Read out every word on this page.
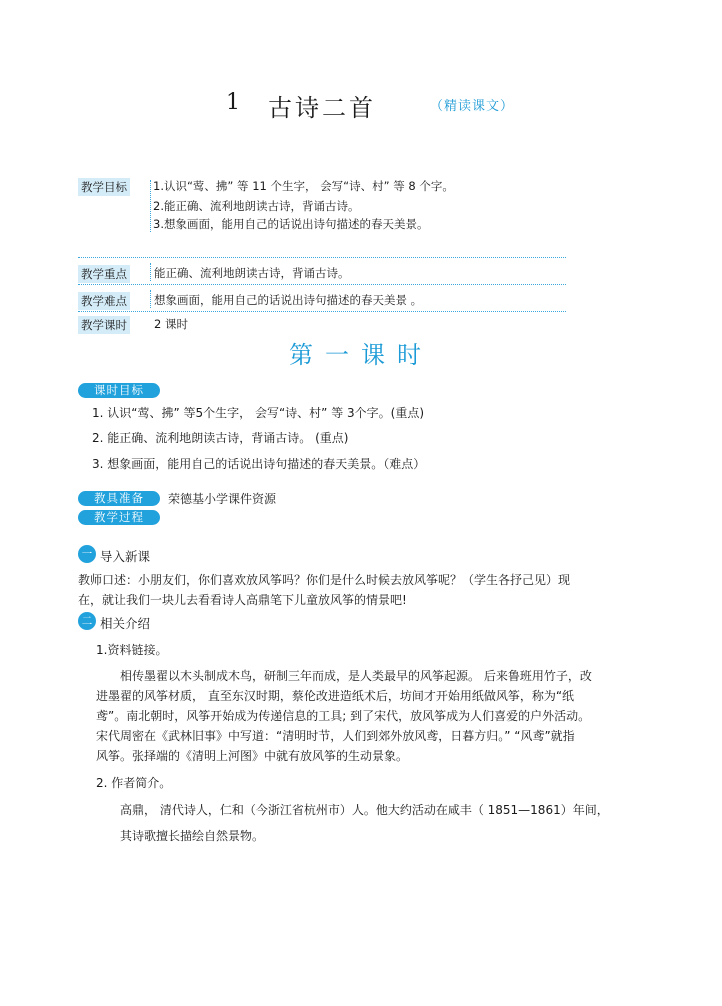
1 古诗二首	（精读课文）
教学目标 1.认识“莺、拂” 等 11 个生字， 会写“诗、村” 等 8 个字。
2.能正确、流利地朗读古诗，背诵古诗。
3.想象画面，能用自己的话说出诗句描述的春天美景。
教学重点 能正确、流利地朗读古诗，背诵古诗。
教学难点 想象画面，能用自己的话说出诗句描述的春天美景 。
教学课时 2 课时
第一课时
课时目标
1. 认识“莺、拂” 等5个生字， 会写“诗、村” 等 3个字。(重点)
2. 能正确、流利地朗读古诗，背诵古诗。 (重点)
3. 想象画面，能用自己的话说出诗句描述的春天美景。（难点）
教具准备	荣德基小学课件资源
教学过程
一 导入新课
教师口述：小朋友们，你们喜欢放风筝吗？你们是什么时候去放风筝呢？（学生各抒己见）现
在，就让我们一块儿去看看诗人高鼎笔下儿童放风筝的情景吧!
二 相关介绍
1.资料链接。
相传墨翟以木头制成木鸟，研制三年而成，是人类最早的风筝起源。 后来鲁班用竹子，改
进墨翟的风筝材质， 直至东汉时期，蔡伦改进造纸术后，坊间才开始用纸做风筝，称为“纸
鸢”。南北朝时，风筝开始成为传递信息的工具; 到了宋代，放风筝成为人们喜爱的户外活动。
宋代周密在《武林旧事》中写道：“清明时节，人们到郊外放风鸢，日暮方归。” “风鸢”就指
风筝。张择端的《清明上河图》中就有放风筝的生动景象。
2. 作者简介。
高鼎， 清代诗人，仁和（今浙江省杭州市）人。他大约活动在咸丰（ 1851—1861）年间，
其诗歌擅长描绘自然景物。
